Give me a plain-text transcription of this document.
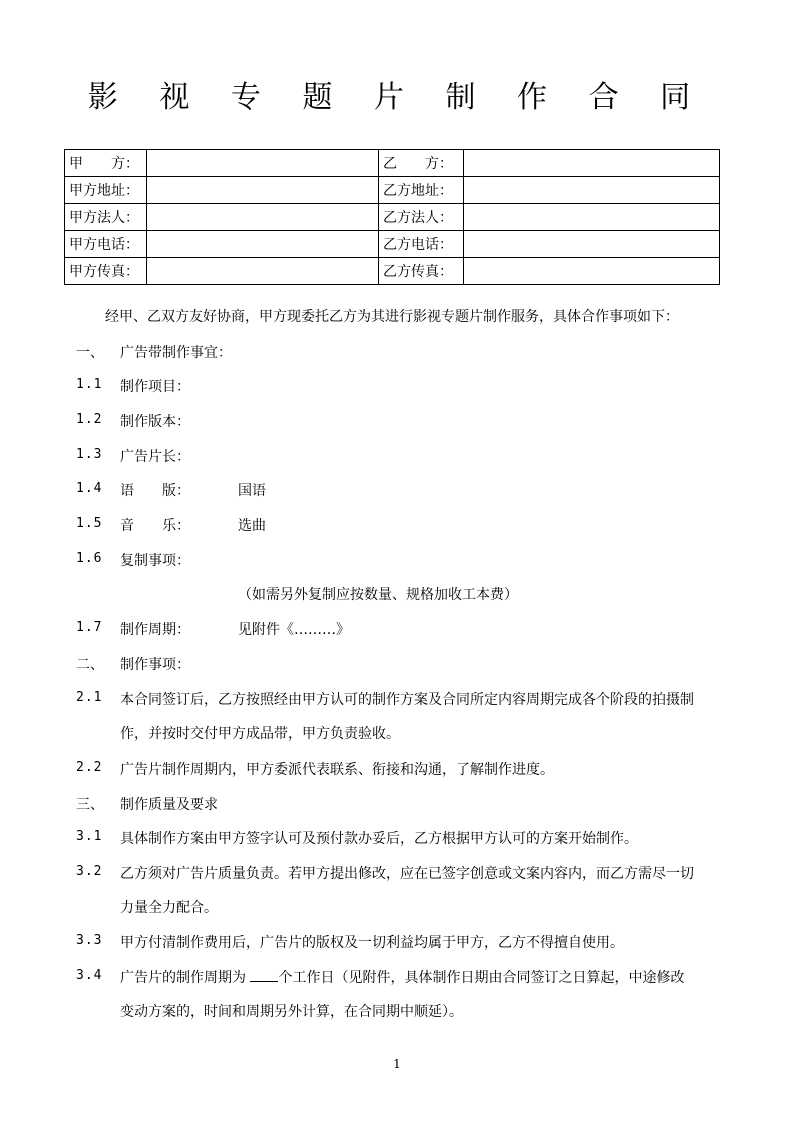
影 视 专 题 片 制 作 合 同
甲　　方：		乙　　方：	
甲方地址：		乙方地址：	
甲方法人：		乙方法人：	
甲方电话：		乙方电话：	
甲方传真：		乙方传真：	
经甲、乙双方友好协商，甲方现委托乙方为其进行影视专题片制作服务，具体合作事项如下：
一、 广告带制作事宜：
1.1 制作项目：
1.2 制作版本：
1.3 广告片长：
1.4 语　　版：	国语
1.5 音　　乐：	选曲
1.6 复制事项：
（如需另外复制应按数量、规格加收工本费）
1.7 制作周期：	见附件《………》
二、 制作事项：
2.1 本合同签订后，乙方按照经由甲方认可的制作方案及合同所定内容周期完成各个阶段的拍摄制
作，并按时交付甲方成品带，甲方负责验收。
2.2 广告片制作周期内，甲方委派代表联系、衔接和沟通，了解制作进度。
三、 制作质量及要求
3.1 具体制作方案由甲方签字认可及预付款办妥后，乙方根据甲方认可的方案开始制作。
3.2 乙方须对广告片质量负责。若甲方提出修改，应在已签字创意或文案内容内，而乙方需尽一切
力量全力配合。
3.3 甲方付清制作费用后，广告片的版权及一切利益均属于甲方，乙方不得擅自使用。
3.4 广告片的制作周期为 个工作日（见附件，具体制作日期由合同签订之日算起，中途修改
变动方案的，时间和周期另外计算，在合同期中顺延）。
1
